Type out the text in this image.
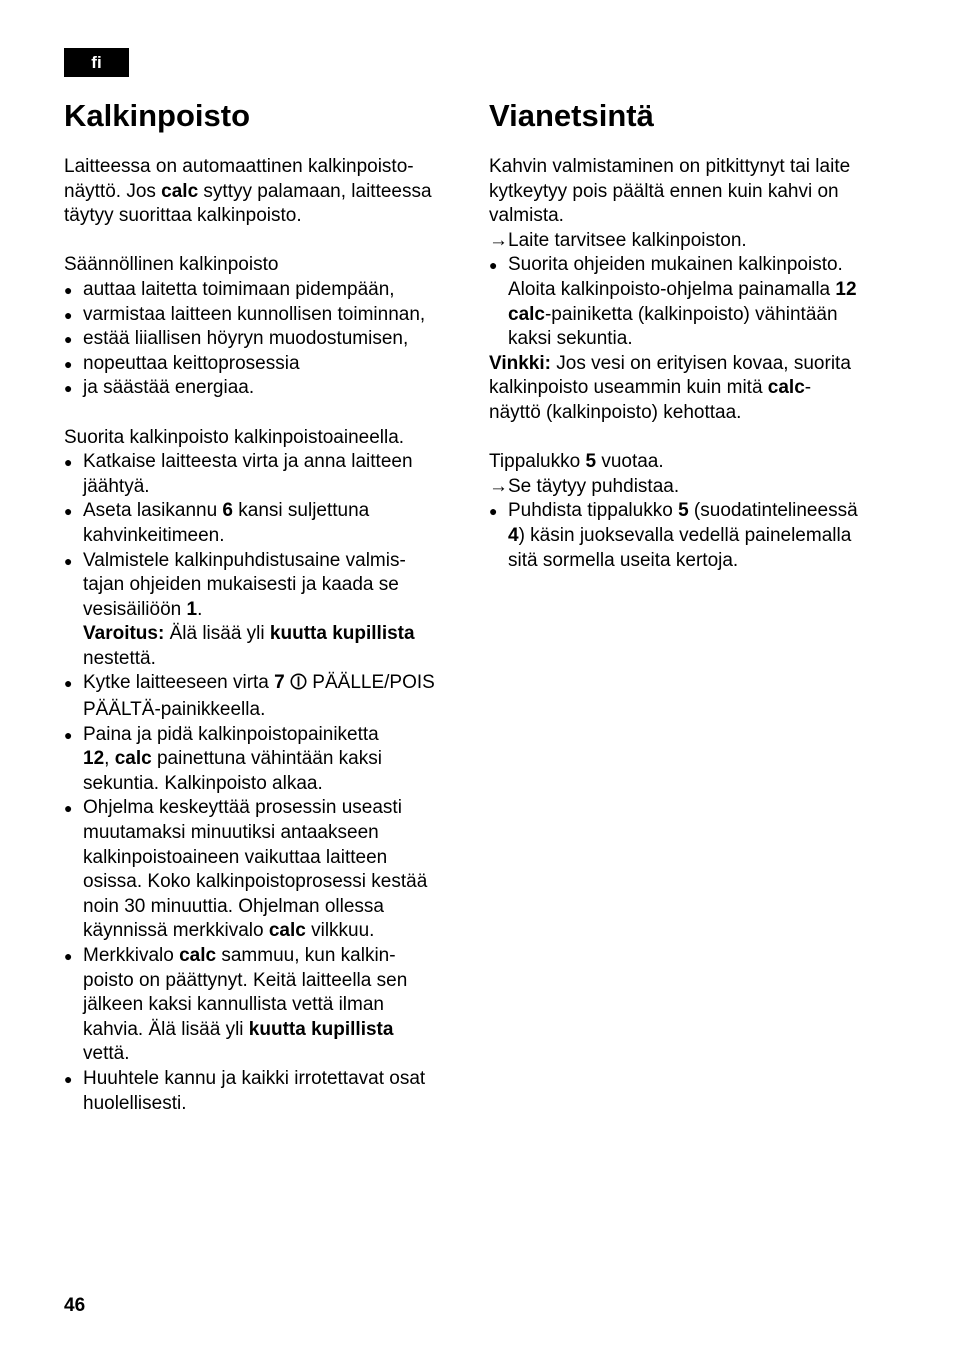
fi
Kalkinpoisto

Laitteessa on automaattinen kalkinpoisto-
näyttö. Jos calc syttyy palamaan, laitteessa
täytyy suorittaa kalkinpoisto.

Säännöllinen kalkinpoisto

● auttaa laitetta toimimaan pidempään,
● varmistaa laitteen kunnollisen toiminnan,
● estää liiallisen höyryn muodostumisen,
● nopeuttaa keittoprosessia
● ja säästää energiaa.

Suorita kalkinpoisto kalkinpoistoaineella.

● Katkaise laitteesta virta ja anna laitteen
jäähtyä.
● Aseta lasikannu 6 kansi suljettuna
kahvinkeitimeen.
● Valmistele kalkinpuhdistusaine valmis-
tajan ohjeiden mukaisesti ja kaada se
vesisäiliöön 1.
Varoitus: Älä lisää yli kuutta kupillista
nestettä.
● Kytke laitteeseen virta 7  PÄÄLLE/POIS
PÄÄLTÄ-painikkeella.
● Paina ja pidä kalkinpoistopainiketta
12, calc painettuna vähintään kaksi
sekuntia. Kalkinpoisto alkaa.
● Ohjelma keskeyttää prosessin useasti
muutamaksi minuutiksi antaakseen
kalkinpoistoaineen vaikuttaa laitteen
osissa. Koko kalkinpoistoprosessi kestää
noin 30 minuuttia. Ohjelman ollessa
käynnissä merkkivalo calc vilkkuu.
● Merkkivalo calc sammuu, kun kalkin-
poisto on päättynyt. Keitä laitteella sen
jälkeen kaksi kannullista vettä ilman
kahvia. Älä lisää yli kuutta kupillista
vettä.
● Huuhtele kannu ja kaikki irrotettavat osat
huolellisesti.
Vianetsintä

Kahvin valmistaminen on pitkittynyt tai laite
kytkeytyy pois päältä ennen kuin kahvi on
valmista.

→ Laite tarvitsee kalkinpoiston.
● Suorita ohjeiden mukainen kalkinpoisto.
Aloita kalkinpoisto-ohjelma painamalla 12
calc-painiketta (kalkinpoisto) vähintään
kaksi sekuntia.

Vinkki: Jos vesi on erityisen kovaa, suorita
kalkinpoisto useammin kuin mitä calc-
näyttö (kalkinpoisto) kehottaa.

Tippalukko 5 vuotaa.

→ Se täytyy puhdistaa.
● Puhdista tippalukko 5 (suodatintelineessä
4) käsin juoksevalla vedellä painelemalla
sitä sormella useita kertoja.
46
